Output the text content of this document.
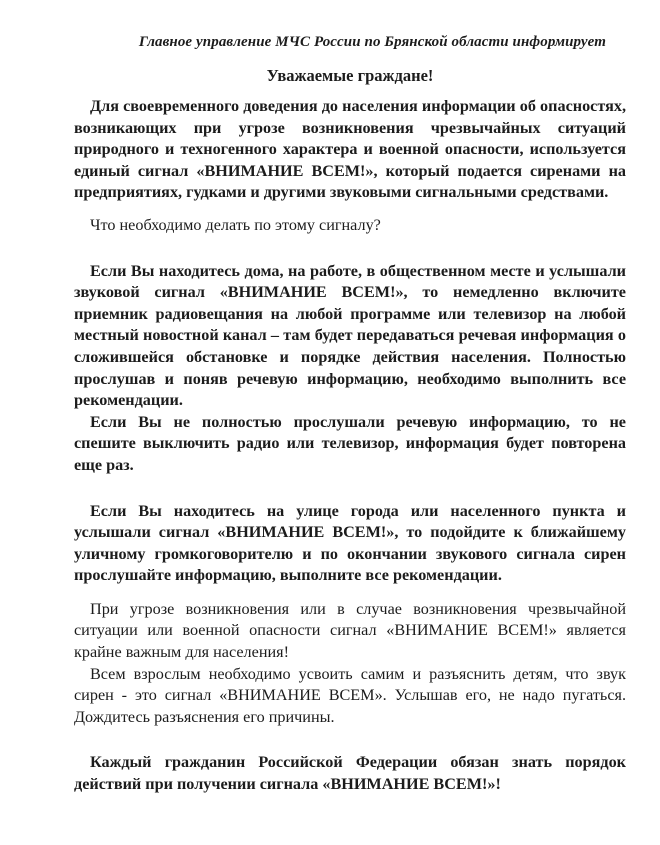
Главное управление МЧС России по Брянской области информирует
Уважаемые граждане!

Для своевременного доведения до населения информации об опасностях, возникающих при угрозе возникновения чрезвычайных ситуаций природного и техногенного характера и военной опасности, используется единый сигнал «ВНИМАНИЕ ВСЕМ!», который подается сиренами на предприятиях, гудками и другими звуковыми сигнальными средствами.

Что необходимо делать по этому сигналу?

Если Вы находитесь дома, на работе, в общественном месте и услышали звуковой сигнал «ВНИМАНИЕ ВСЕМ!», то немедленно включите приемник радиовещания на любой программе или телевизор на любой местный новостной канал – там будет передаваться речевая информация о сложившейся обстановке и порядке действия населения. Полностью прослушав и поняв речевую информацию, необходимо выполнить все рекомендации.

Если Вы не полностью прослушали речевую информацию, то не спешите выключить радио или телевизор, информация будет повторена еще раз.

Если Вы находитесь на улице города или населенного пункта и услышали сигнал «ВНИМАНИЕ ВСЕМ!», то подойдите к ближайшему уличному громкоговорителю и по окончании звукового сигнала сирен прослушайте информацию, выполните все рекомендации.

При угрозе возникновения или в случае возникновения чрезвычайной ситуации или военной опасности сигнал «ВНИМАНИЕ ВСЕМ!» является крайне важным для населения!

Всем взрослым необходимо усвоить самим и разъяснить детям, что звук сирен - это сигнал «ВНИМАНИЕ ВСЕМ». Услышав его, не надо пугаться. Дождитесь разъяснения его причины.

Каждый гражданин Российской Федерации обязан знать порядок действий при получении сигнала «ВНИМАНИЕ ВСЕМ!»!
